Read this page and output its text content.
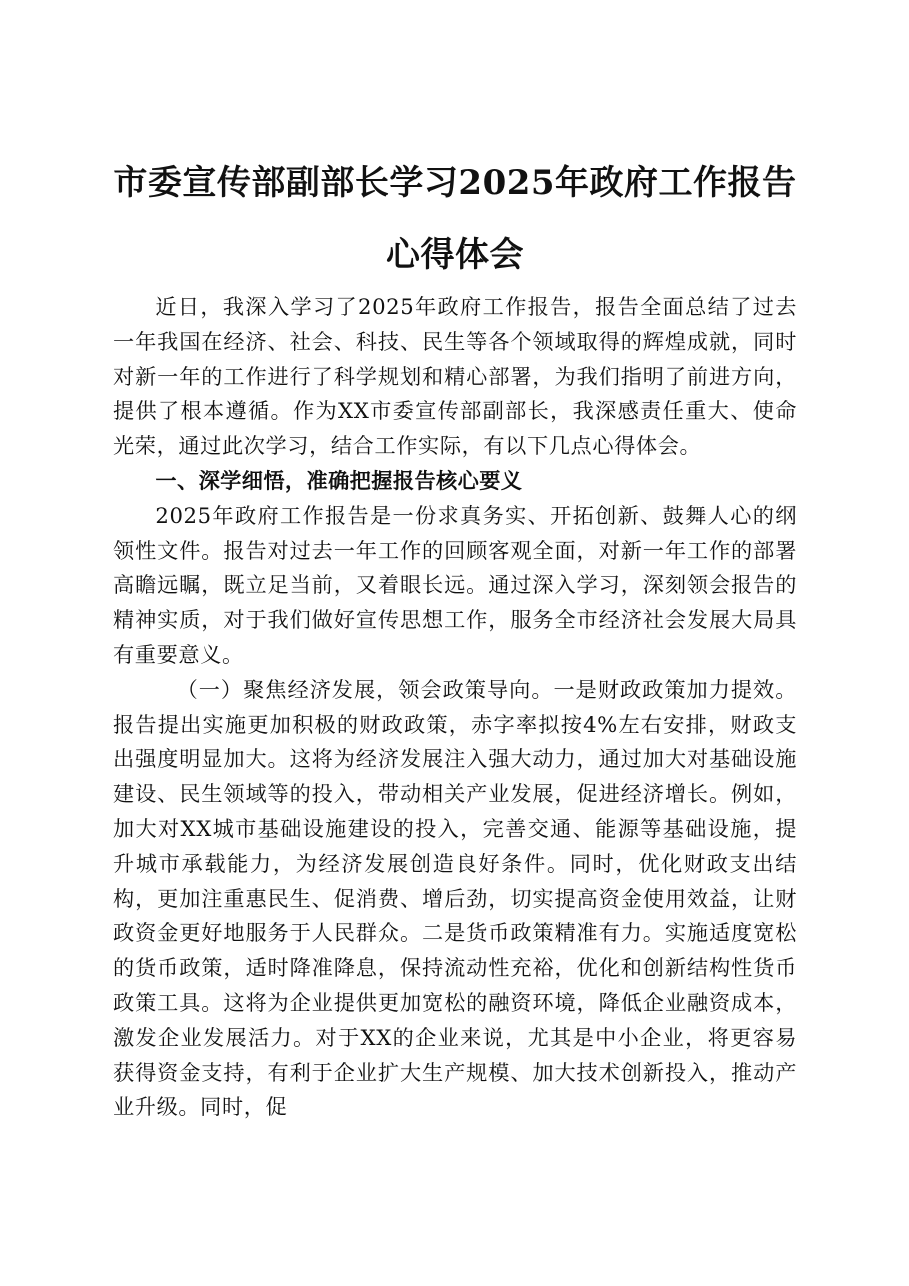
市委宣传部副部长学习2025年政府工作报告
心得体会

近日，我深入学习了2025年政府工作报告，报告全面总结了过去一年我国在经济、社会、科技、民生等各个领域取得的辉煌成就，同时对新一年的工作进行了科学规划和精心部署，为我们指明了前进方向，提供了根本遵循。作为XX市委宣传部副部长，我深感责任重大、使命光荣，通过此次学习，结合工作实际，有以下几点心得体会。

一、深学细悟，准确把握报告核心要义

2025年政府工作报告是一份求真务实、开拓创新、鼓舞人心的纲领性文件。报告对过去一年工作的回顾客观全面，对新一年工作的部署高瞻远瞩，既立足当前，又着眼长远。通过深入学习，深刻领会报告的精神实质，对于我们做好宣传思想工作，服务全市经济社会发展大局具有重要意义。

（一）聚焦经济发展，领会政策导向。一是财政政策加力提效。报告提出实施更加积极的财政政策，赤字率拟按4%左右安排，财政支出强度明显加大。这将为经济发展注入强大动力，通过加大对基础设施建设、民生领域等的投入，带动相关产业发展，促进经济增长。例如，加大对XX城市基础设施建设的投入，完善交通、能源等基础设施，提升城市承载能力，为经济发展创造良好条件。同时，优化财政支出结构，更加注重惠民生、促消费、增后劲，切实提高资金使用效益，让财政资金更好地服务于人民群众。二是货币政策精准有力。实施适度宽松的货币政策，适时降准降息，保持流动性充裕，优化和创新结构性货币政策工具。这将为企业提供更加宽松的融资环境，降低企业融资成本，激发企业发展活力。对于XX的企业来说，尤其是中小企业，将更容易获得资金支持，有利于企业扩大生产规模、加大技术创新投入，推动产业升级。同时，促
